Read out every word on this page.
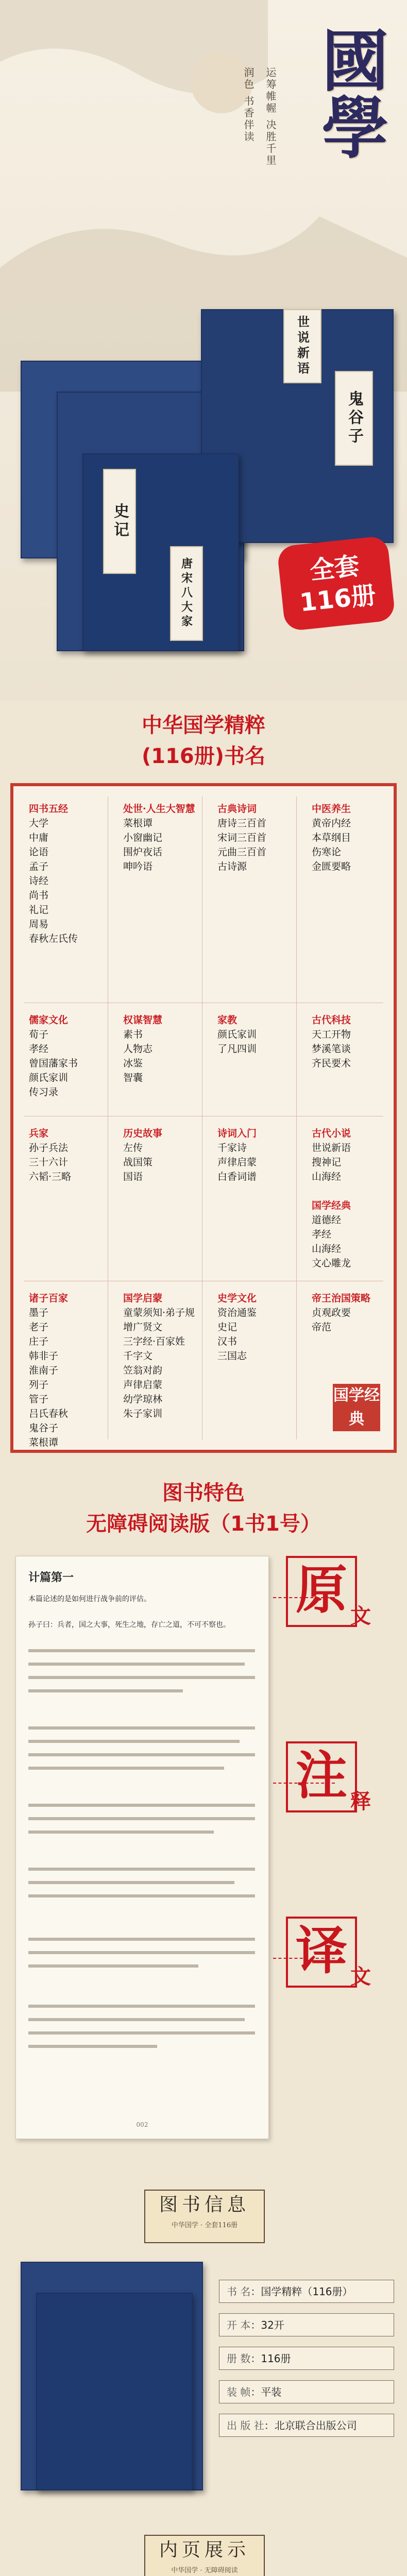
运筹帷幄 决胜千里
润色 书香伴读 國學
史记
世说新语
鬼谷子
唐宋八大家	全套
116册
中华国学精粹
(116册)书名
四书五经
大学
中庸
论语
孟子
诗经
尚书
礼记
周易
春秋左氏传
儒家文化
荀子
孝经
曾国藩家书
颜氏家训
传习录
兵家
孙子兵法
三十六计
六韬·三略
诸子百家
墨子
老子
庄子
韩非子
淮南子
列子
管子
吕氏春秋
鬼谷子
菜根谭
国学启蒙
童蒙须知·弟子规
增广贤文
三字经·百家姓
千字文
笠翁对韵
声律启蒙
幼学琼林
朱子家训
史学文化
资治通鉴
史记
汉书
三国志
帝王治国策略
贞观政要
帝范
处世·人生大智慧
菜根谭
小窗幽记
围炉夜话
呻吟语
权谋智慧
素书
人物志
冰鉴
智囊
历史故事
左传
战国策
国语
家教
颜氏家训
了凡四训
古典诗词
唐诗三百首
宋词三百首
元曲三百首
古诗源
诗词入门
千家诗
声律启蒙
白香词谱
中医养生
黄帝内经
本草纲目
伤寒论
金匮要略
古代科技
天工开物
梦溪笔谈
齐民要术
古代小说
世说新语
搜神记
山海经
国学经典
道德经
孝经
山海经
文心雕龙
国 学 经
典
图书特色
无障碍阅读版（1书1号）
计篇第一
本篇论述的是如何进行战争前的评估。
孙子曰：兵者，国之大事，死生之地，存亡之道，不可不察也。
002
原 文
注 释
译 文
图书信息
中华国学 · 全套116册
书 名：国学精粹（116册）
开 本：32开
册 数：116册
装 帧：平装
出 版 社：北京联合出版公司
内页展示
中华国学 · 无障碍阅读
